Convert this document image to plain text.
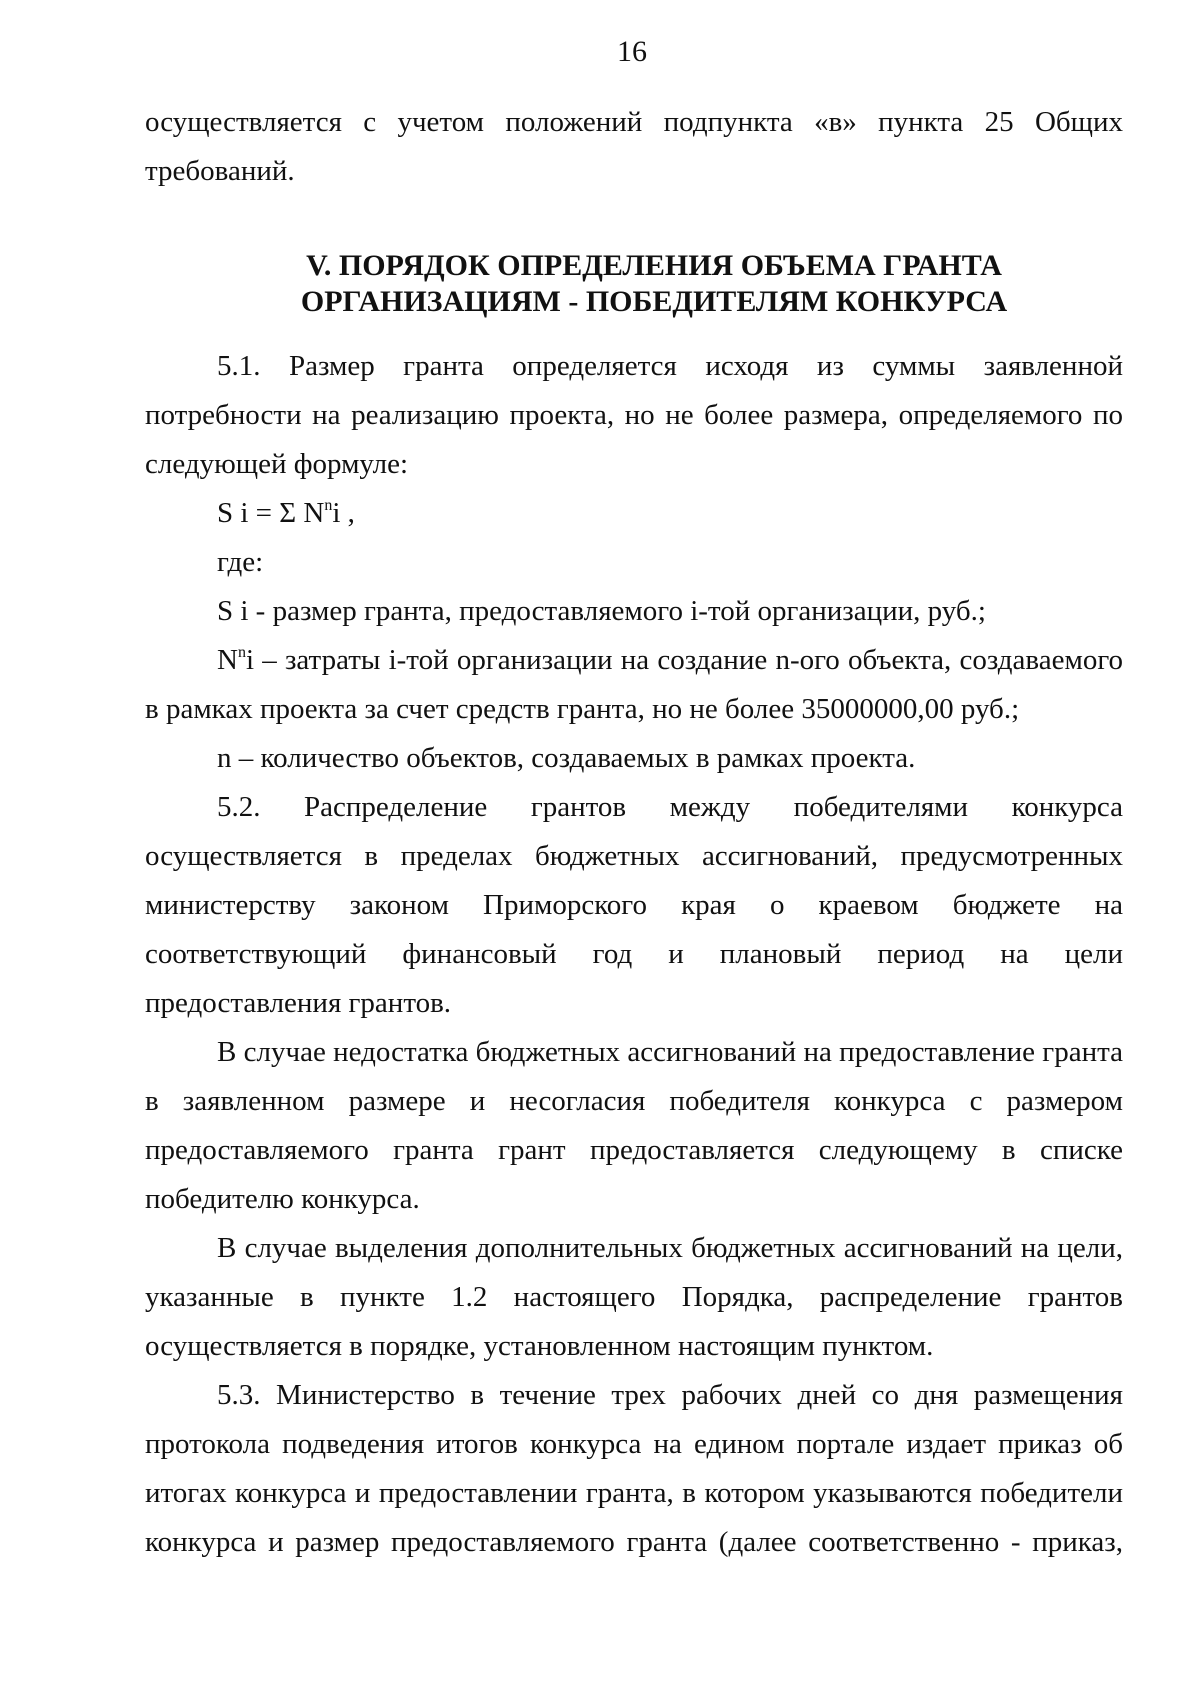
16

осуществляется с учетом положений подпункта «в» пункта 25 Общих

требований.

V. ПОРЯДОК ОПРЕДЕЛЕНИЯ ОБЪЕМА ГРАНТА
ОРГАНИЗАЦИЯМ - ПОБЕДИТЕЛЯМ КОНКУРСА

5.1. Размер гранта определяется исходя из суммы заявленной потребности на реализацию проекта, но не более размера, определяемого по следующей формуле:

S i = Σ $N^ni$ ,

где:

S i - размер гранта, предоставляемого i-той организации, руб.;

$N^ni$ – затраты i-той организации на создание n-ого объекта, создаваемого в рамках проекта за счет средств гранта, но не более 35000000,00 руб.;

n – количество объектов, создаваемых в рамках проекта.

5.2. Распределение грантов между победителями конкурса осуществляется в пределах бюджетных ассигнований, предусмотренных министерству законом Приморского края о краевом бюджете на соответствующий финансовый год и плановый период на цели предоставления грантов.

В случае недостатка бюджетных ассигнований на предоставление гранта в заявленном размере и несогласия победителя конкурса с размером предоставляемого гранта грант предоставляется следующему в списке победителю конкурса.

В случае выделения дополнительных бюджетных ассигнований на цели, указанные в пункте 1.2 настоящего Порядка, распределение грантов осуществляется в порядке, установленном настоящим пунктом.

5.3. Министерство в течение трех рабочих дней со дня размещения протокола подведения итогов конкурса на едином портале издает приказ об итогах конкурса и предоставлении гранта, в котором указываются победители конкурса и размер предоставляемого гранта (далее соответственно - приказ,
